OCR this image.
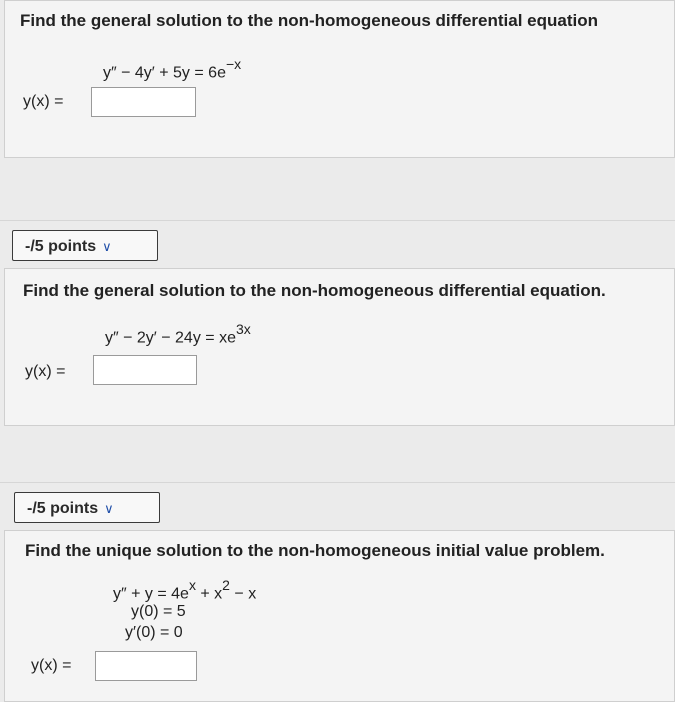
Find the general solution to the non-homogeneous differential equation
$y'' - 4y' + 5y = 6e^{-x}$
y(x) =
-/5 points ∨
Find the general solution to the non-homogeneous differential equation.
$y'' - 2y' - 24y = xe^{3x}$
y(x) =
-/5 points ∨
Find the unique solution to the non-homogeneous initial value problem.
$y'' + y = 4e^x + x^2 - x$
y(0) = 5
y′(0) = 0
y(x) =
